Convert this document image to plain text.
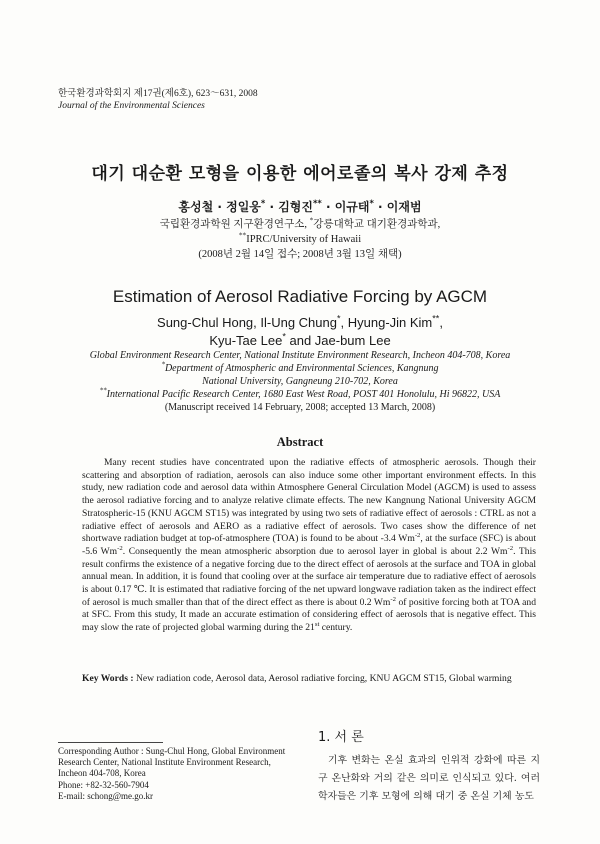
한국환경과학회지 제17권(제6호), 623～631, 2008
Journal of the Environmental Sciences
대기 대순환 모형을 이용한 에어로졸의 복사 강제 추정
홍성철 · 정일웅* · 김형진** · 이규태* · 이재범
국립환경과학원 지구환경연구소, *강릉대학교 대기환경과학과,
**IPRC/University of Hawaii
(2008년 2월 14일 접수; 2008년 3월 13일 채택)
Estimation of Aerosol Radiative Forcing by AGCM
Sung-Chul Hong, Il-Ung Chung*, Hyung-Jin Kim**,
Kyu-Tae Lee* and Jae-bum Lee
Global Environment Research Center, National Institute Environment Research, Incheon 404-708, Korea
*Department of Atmospheric and Environmental Sciences, Kangnung
National University, Gangneung 210-702, Korea
**International Pacific Research Center, 1680 East West Road, POST 401 Honolulu, Hi 96822, USA
(Manuscript received 14 February, 2008; accepted 13 March, 2008)
Abstract
Many recent studies have concentrated upon the radiative effects of atmospheric aerosols. Though their scattering and absorption of radiation, aerosols can also induce some other important environment effects. In this study, new radiation code and aerosol data within Atmosphere General Circulation Model (AGCM) is used to assess the aerosol radiative forcing and to analyze relative climate effects. The new Kangnung National University AGCM Stratospheric-15 (KNU AGCM ST15) was integrated by using two sets of radiative effect of aerosols : CTRL as not a radiative effect of aerosols and AERO as a radiative effect of aerosols. Two cases show the difference of net shortwave radiation budget at top-of-atmosphere (TOA) is found to be about -3.4 $Wm^{-2}$, at the surface (SFC) is about -5.6 $Wm^{-2}$. Consequently the mean atmospheric absorption due to aerosol layer in global is about 2.2 $Wm^{-2}$. This result confirms the existence of a negative forcing due to the direct effect of aerosols at the surface and TOA in global annual mean. In addition, it is found that cooling over at the surface air temperature due to radiative effect of aerosols is about 0.17 ℃. It is estimated that radiative forcing of the net upward longwave radiation taken as the indirect effect of aerosol is much smaller than that of the direct effect as there is about 0.2 $Wm^{-2}$ of positive forcing both at TOA and at SFC. From this study, It made an accurate estimation of considering effect of aerosols that is negative effect. This may slow the rate of projected global warming during the 21st century.
Key Words : New radiation code, Aerosol data, Aerosol radiative forcing, KNU AGCM ST15, Global warming
1. 서 론
기후 변화는 온실 효과의 인위적 강화에 따른 지구 온난화와 거의 같은 의미로 인식되고 있다. 여러 학자들은 기후 모형에 의해 대기 중 온실 기체 농도
Corresponding Author : Sung-Chul Hong, Global Environment
Research Center, National Institute Environment Research,
Incheon 404-708, Korea
Phone: +82-32-560-7904
E-mail: schong@me.go.kr
